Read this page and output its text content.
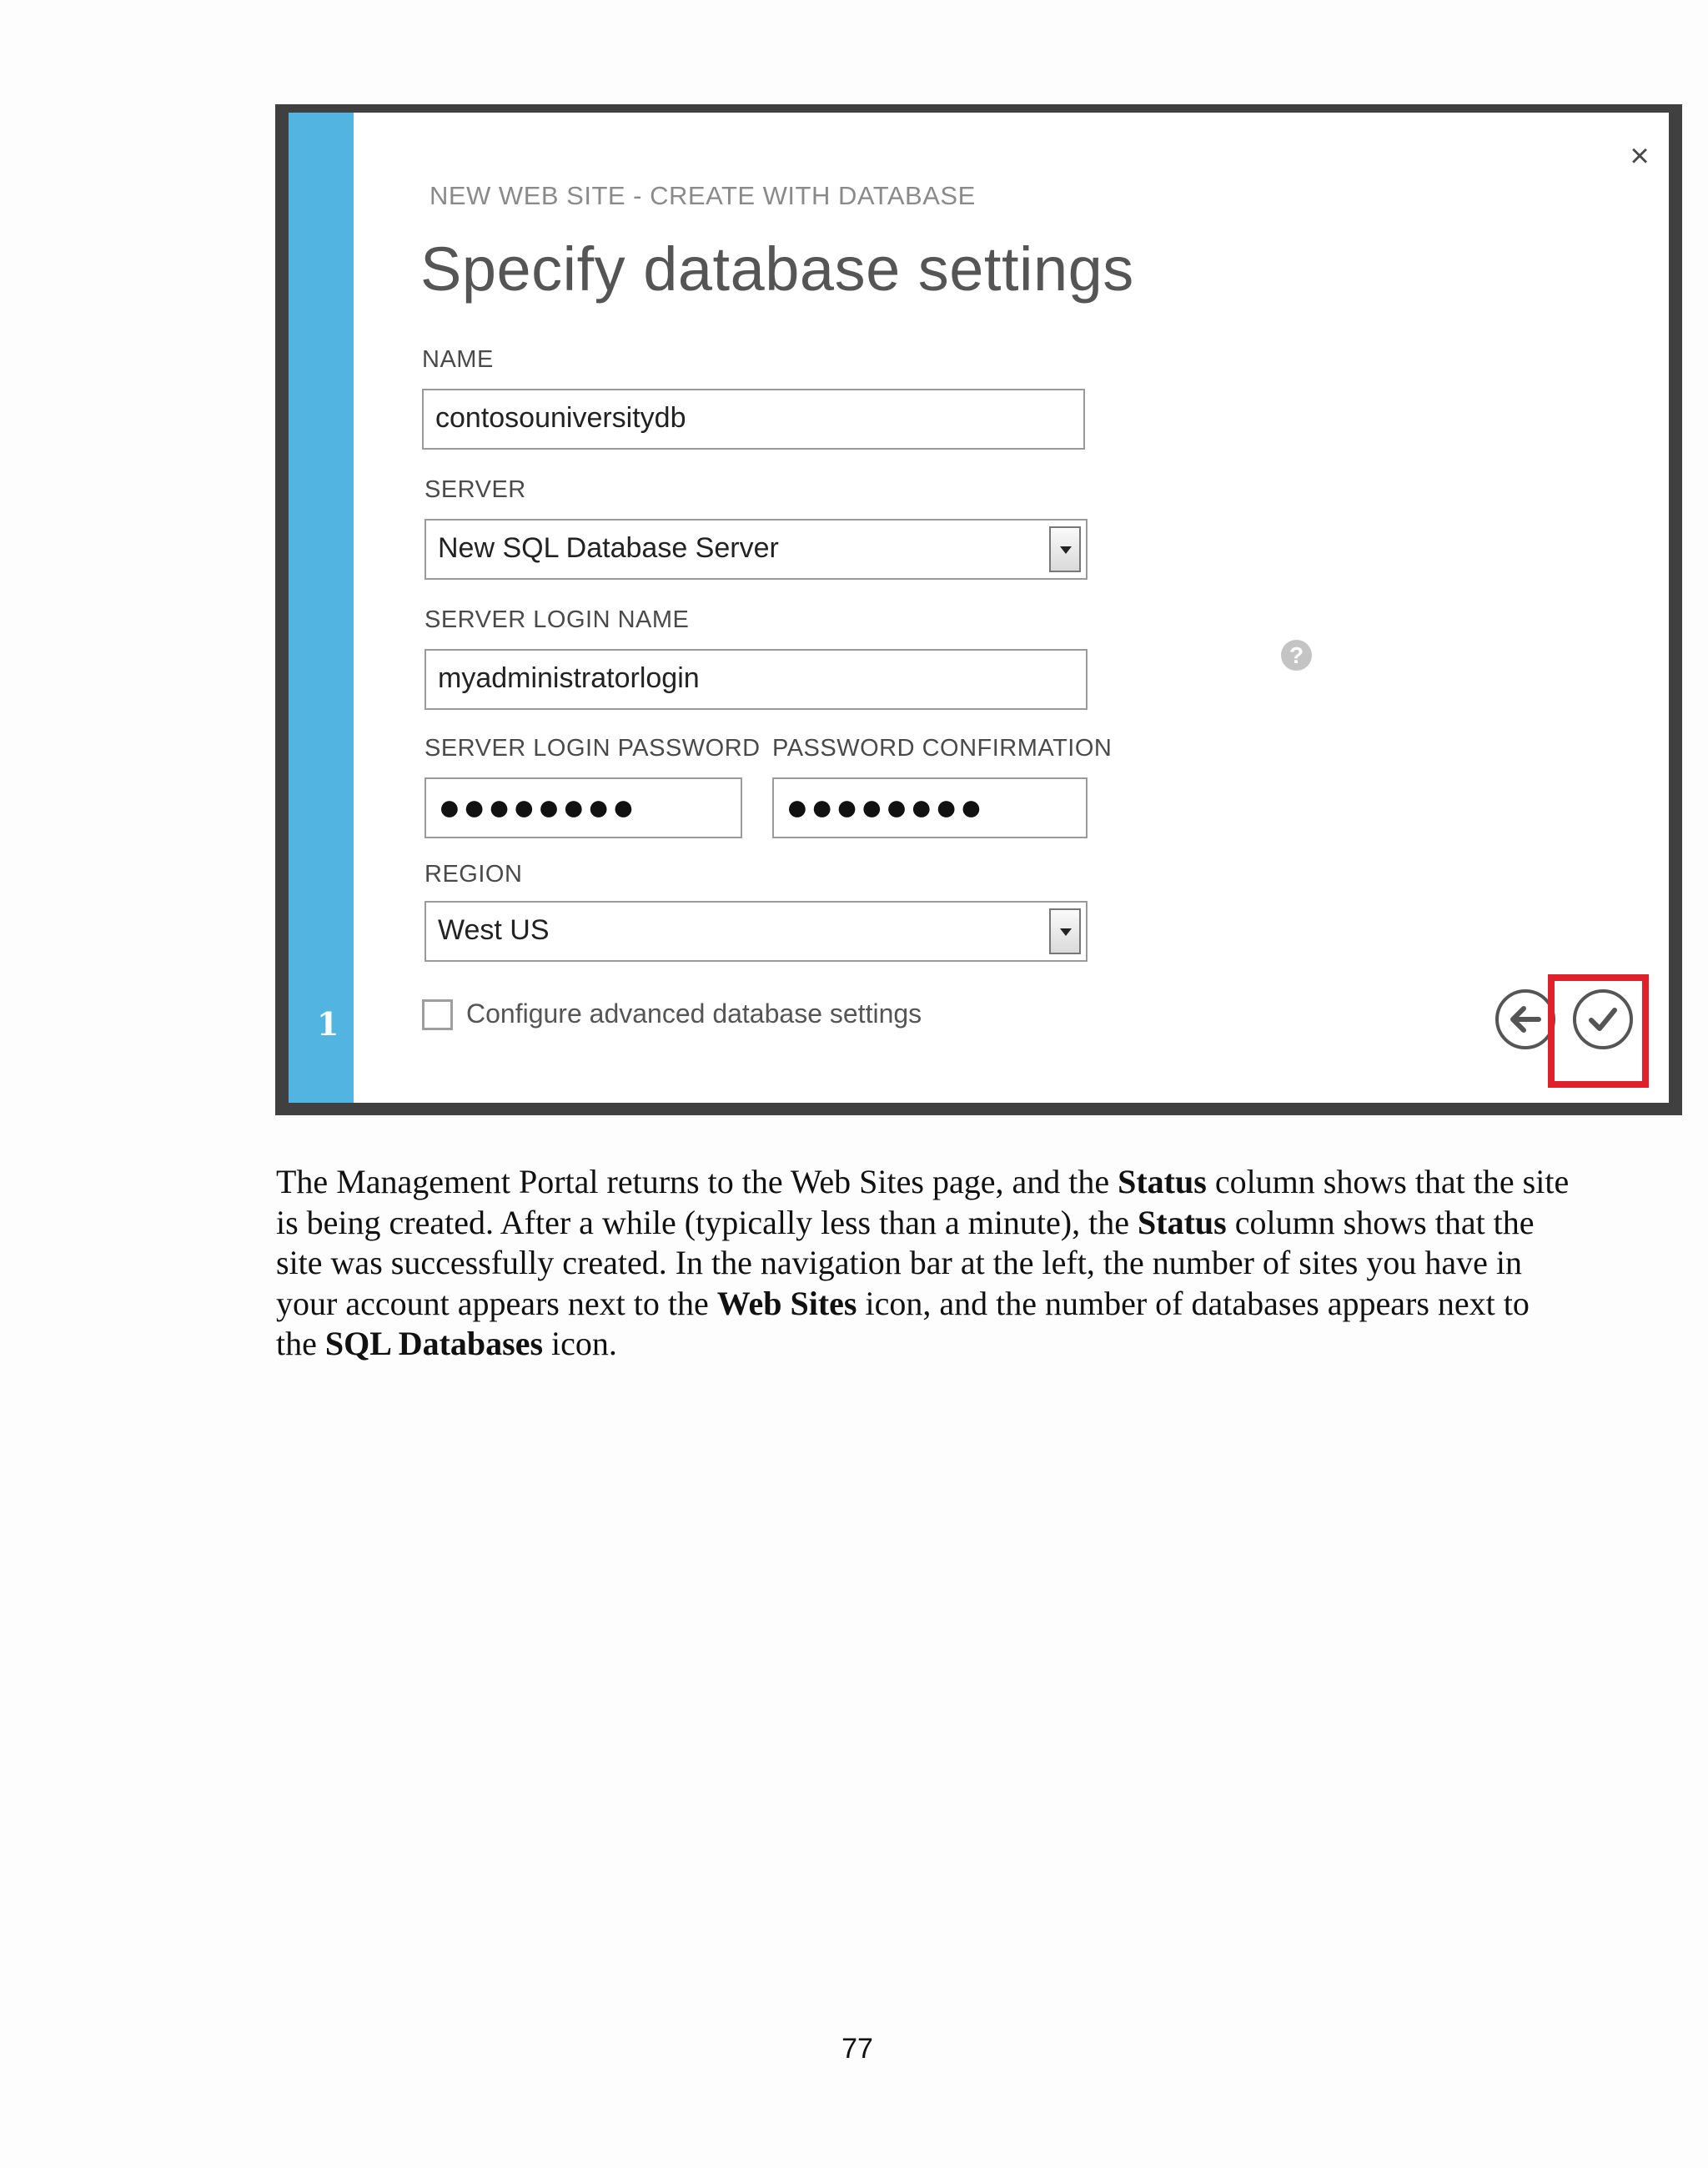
1
×
NEW WEB SITE - CREATE WITH DATABASE
Specify database settings
NAME
contosouniversitydb
SERVER
New SQL Database Server
SERVER LOGIN NAME
myadministratorlogin
?
SERVER LOGIN PASSWORD
●●●●●●●●
PASSWORD CONFIRMATION
●●●●●●●●
REGION
West US
Configure advanced database settings
The Management Portal returns to the Web Sites page, and the Status column shows that the site is being created. After a while (typically less than a minute), the Status column shows that the site was successfully created. In the navigation bar at the left, the number of sites you have in your account appears next to the Web Sites icon, and the number of databases appears next to the SQL Databases icon.
77
